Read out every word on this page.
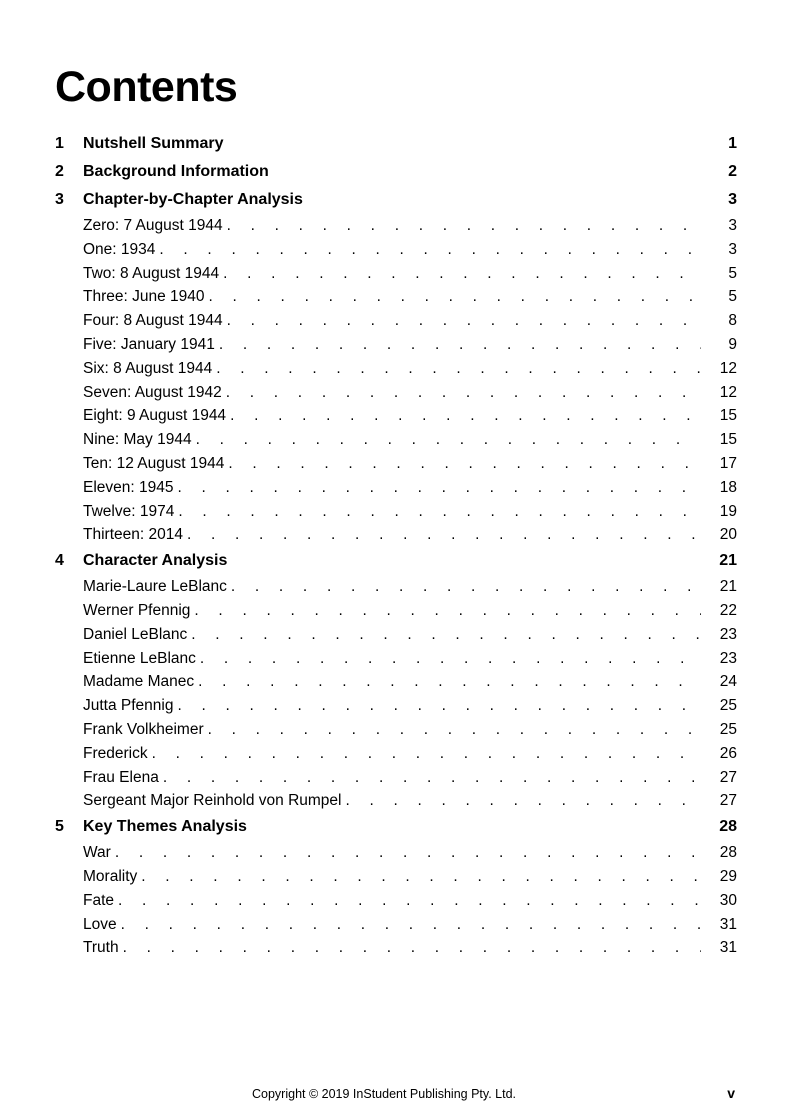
Contents
1	Nutshell Summary	1
2	Background Information	2
3	Chapter-by-Chapter Analysis	3
Zero: 7 August 1944 . . .	3
One: 1934 . . .	3
Two: 8 August 1944 . . .	5
Three: June 1940 . . .	5
Four: 8 August 1944 . . .	8
Five: January 1941 . . .	9
Six: 8 August 1944 . . .	12
Seven: August 1942 . . .	12
Eight: 9 August 1944 . . .	15
Nine: May 1944 . . .	15
Ten: 12 August 1944 . . .	17
Eleven: 1945 . . .	18
Twelve: 1974 . . .	19
Thirteen: 2014 . . .	20
4	Character Analysis	21
Marie-Laure LeBlanc . . .	21
Werner Pfennig . . .	22
Daniel LeBlanc . . .	23
Etienne LeBlanc . . .	23
Madame Manec . . .	24
Jutta Pfennig . . .	25
Frank Volkheimer . . .	25
Frederick . . .	26
Frau Elena . . .	27
Sergeant Major Reinhold von Rumpel . . .	27
5	Key Themes Analysis	28
War . . .	28
Morality . . .	29
Fate . . .	30
Love . . .	31
Truth . . .	31
Copyright © 2019 InStudent Publishing Pty. Ltd.	v
